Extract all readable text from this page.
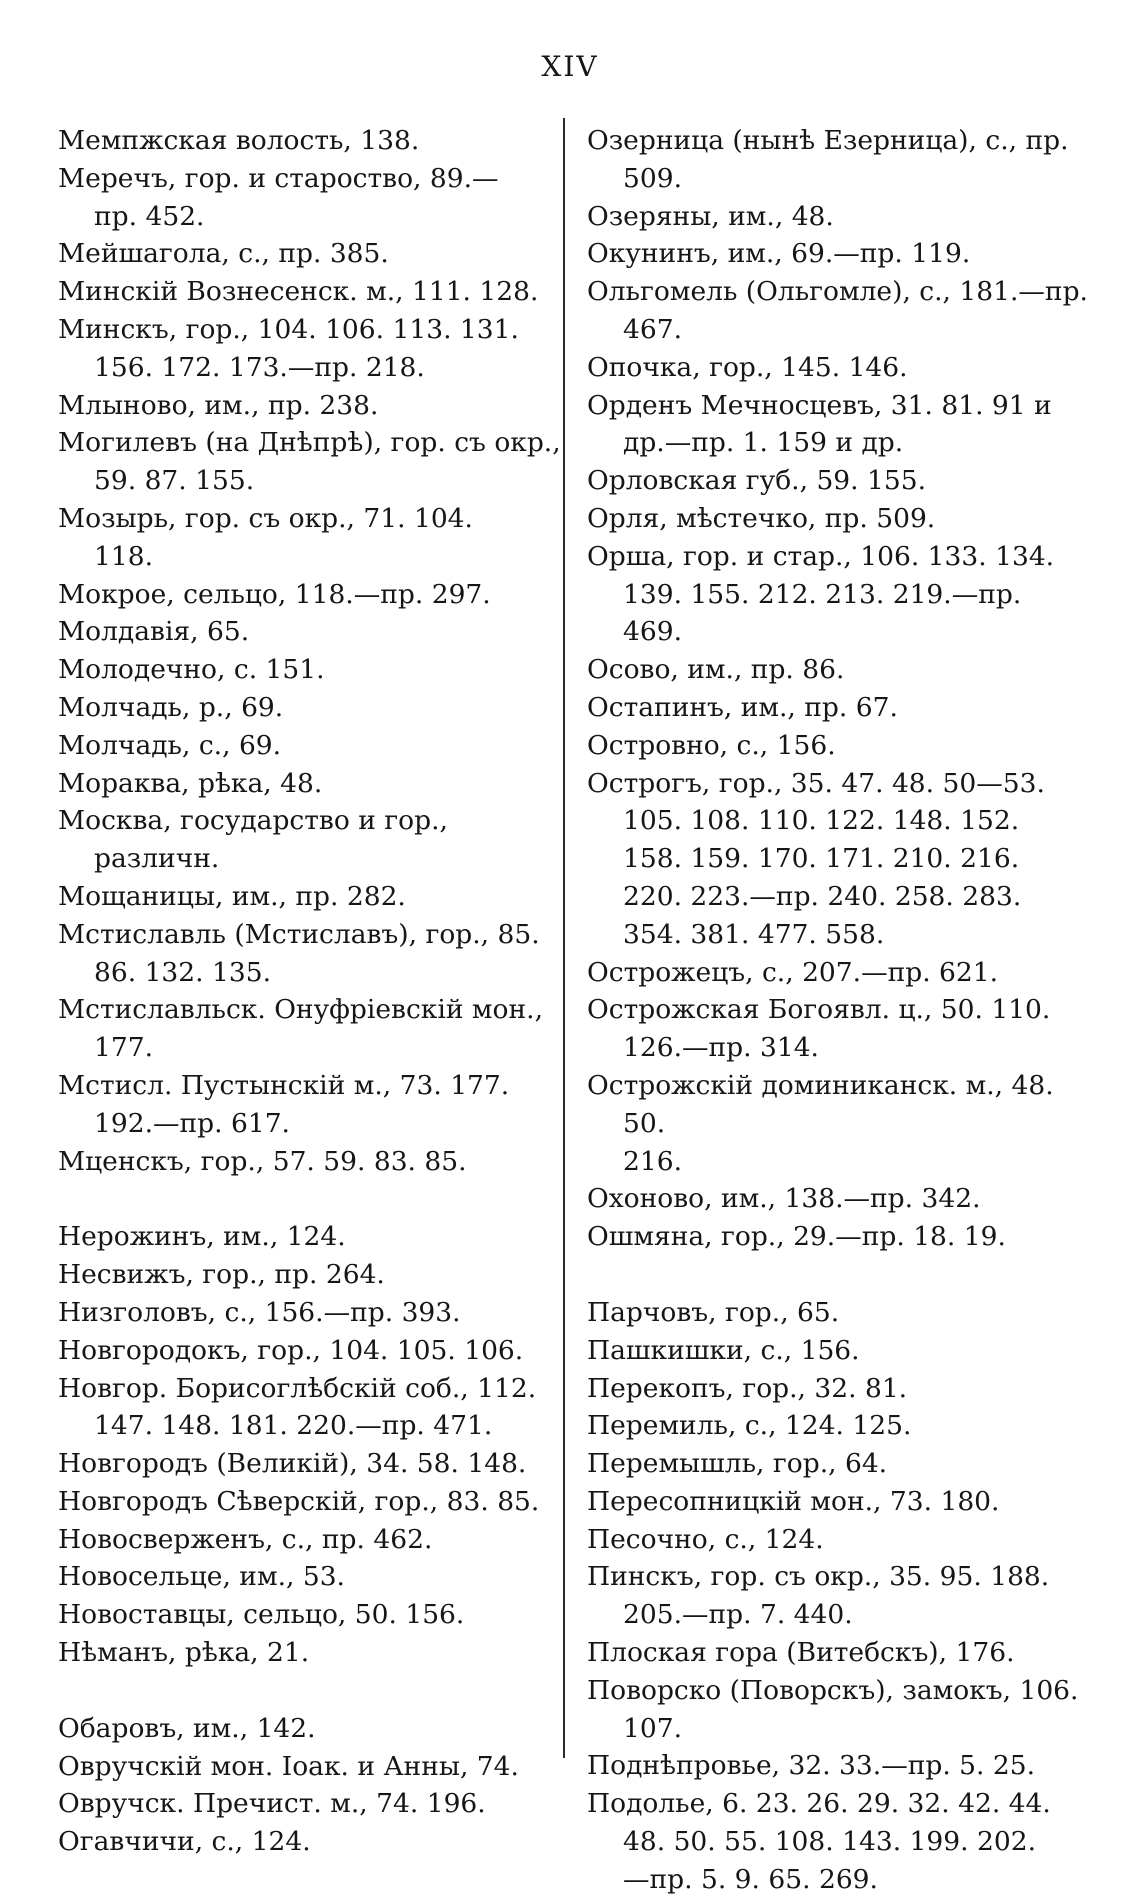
XIV
Мемпжская волость, 138.
Меречъ, гор. и староство, 89.—
пр. 452.
Мейшагола, с., пр. 385.
Минскій Вознесенск. м., 111. 128.
Минскъ, гор., 104. 106. 113. 131.
156. 172. 173.—пр. 218.
Млыново, им., пр. 238.
Могилевъ (на Днѣпрѣ), гор. съ окр.,
59. 87. 155.
Мозырь, гор. съ окр., 71. 104.
118.
Мокрое, сельцо, 118.—пр. 297.
Молдавія, 65.
Молодечно, с. 151.
Молчадь, р., 69.
Молчадь, с., 69.
Мораква, рѣка, 48.
Москва, государство и гор., различн.
Мощаницы, им., пр. 282.
Мстиславль (Мстиславъ), гор., 85.
86. 132. 135.
Мстиславльск. Онуфріевскій мон.,
177.
Мстисл. Пустынскій м., 73. 177.
192.—пр. 617.
Мценскъ, гор., 57. 59. 83. 85.
Нерожинъ, им., 124.
Несвижъ, гор., пр. 264.
Низголовъ, с., 156.—пр. 393.
Новгородокъ, гор., 104. 105. 106.
Новгор. Борисоглѣбскій соб., 112.
147. 148. 181. 220.—пр. 471.
Новгородъ (Великій), 34. 58. 148.
Новгородъ Сѣверскій, гор., 83. 85.
Новосверженъ, с., пр. 462.
Новосельце, им., 53.
Новоставцы, сельцо, 50. 156.
Нѣманъ, рѣка, 21.
Обаровъ, им., 142.
Овручскій мон. Іоак. и Анны, 74.
Овручск. Пречист. м., 74. 196.
Огавчичи, с., 124.
Озерница (нынѣ Езерница), с., пр.
509.
Озеряны, им., 48.
Окунинъ, им., 69.—пр. 119.
Ольгомель (Ольгомле), с., 181.—пр.
467.
Опочка, гор., 145. 146.
Орденъ Мечносцевъ, 31. 81. 91 и
др.—пр. 1. 159 и др.
Орловская губ., 59. 155.
Орля, мѣстечко, пр. 509.
Орша, гор. и стар., 106. 133. 134.
139. 155. 212. 213. 219.—пр.
469.
Осово, им., пр. 86.
Остапинъ, им., пр. 67.
Островно, с., 156.
Острогъ, гор., 35. 47. 48. 50—53.
105. 108. 110. 122. 148. 152.
158. 159. 170. 171. 210. 216.
220. 223.—пр. 240. 258. 283.
354. 381. 477. 558.
Острожецъ, с., 207.—пр. 621.
Острожская Богоявл. ц., 50. 110.
126.—пр. 314.
Острожскій доминиканск. м., 48. 50.
216.
Охоново, им., 138.—пр. 342.
Ошмяна, гор., 29.—пр. 18. 19.
Парчовъ, гор., 65.
Пашкишки, с., 156.
Перекопъ, гор., 32. 81.
Перемиль, с., 124. 125.
Перемышль, гор., 64.
Пересопницкій мон., 73. 180.
Песочно, с., 124.
Пинскъ, гор. съ окр., 35. 95. 188.
205.—пр. 7. 440.
Плоская гора (Витебскъ), 176.
Поворско (Поворскъ), замокъ, 106.
107.
Поднѣпровье, 32. 33.—пр. 5. 25.
Подолье, 6. 23. 26. 29. 32. 42. 44.
48. 50. 55. 108. 143. 199. 202.
—пр. 5. 9. 65. 269.
